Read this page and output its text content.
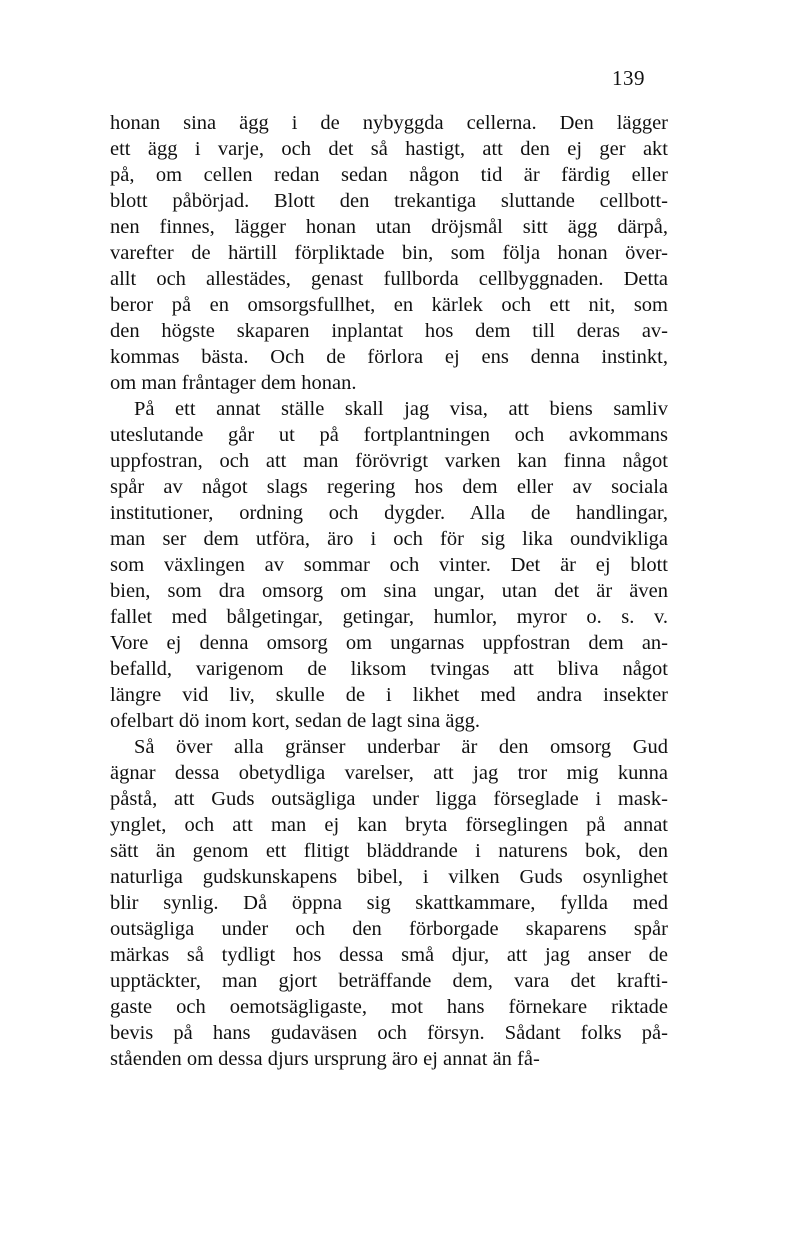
139
honan sina ägg i de nybyggda cellerna. Den lägger
ett ägg i varje, och det så hastigt, att den ej ger akt
på, om cellen redan sedan någon tid är färdig eller
blott påbörjad. Blott den trekantiga sluttande cellbott-
nen finnes, lägger honan utan dröjsmål sitt ägg därpå,
varefter de härtill förpliktade bin, som följa honan över-
allt och allestädes, genast fullborda cellbyggnaden. Detta
beror på en omsorgsfullhet, en kärlek och ett nit, som
den högste skaparen inplantat hos dem till deras av-
kommas bästa. Och de förlora ej ens denna instinkt,
om man fråntager dem honan.
På ett annat ställe skall jag visa, att biens samliv
uteslutande går ut på fortplantningen och avkommans
uppfostran, och att man förövrigt varken kan finna något
spår av något slags regering hos dem eller av sociala
institutioner, ordning och dygder. Alla de handlingar,
man ser dem utföra, äro i och för sig lika oundvikliga
som växlingen av sommar och vinter. Det är ej blott
bien, som dra omsorg om sina ungar, utan det är även
fallet med bålgetingar, getingar, humlor, myror o. s. v.
Vore ej denna omsorg om ungarnas uppfostran dem an-
befalld, varigenom de liksom tvingas att bliva något
längre vid liv, skulle de i likhet med andra insekter
ofelbart dö inom kort, sedan de lagt sina ägg.
Så över alla gränser underbar är den omsorg Gud
ägnar dessa obetydliga varelser, att jag tror mig kunna
påstå, att Guds outsägliga under ligga förseglade i mask-
ynglet, och att man ej kan bryta förseglingen på annat
sätt än genom ett flitigt bläddrande i naturens bok, den
naturliga gudskunskapens bibel, i vilken Guds osynlighet
blir synlig. Då öppna sig skattkammare, fyllda med
outsägliga under och den förborgade skaparens spår
märkas så tydligt hos dessa små djur, att jag anser de
upptäckter, man gjort beträffande dem, vara det krafti-
gaste och oemotsägligaste, mot hans förnekare riktade
bevis på hans gudaväsen och försyn. Sådant folks på-
ståenden om dessa djurs ursprung äro ej annat än få-
